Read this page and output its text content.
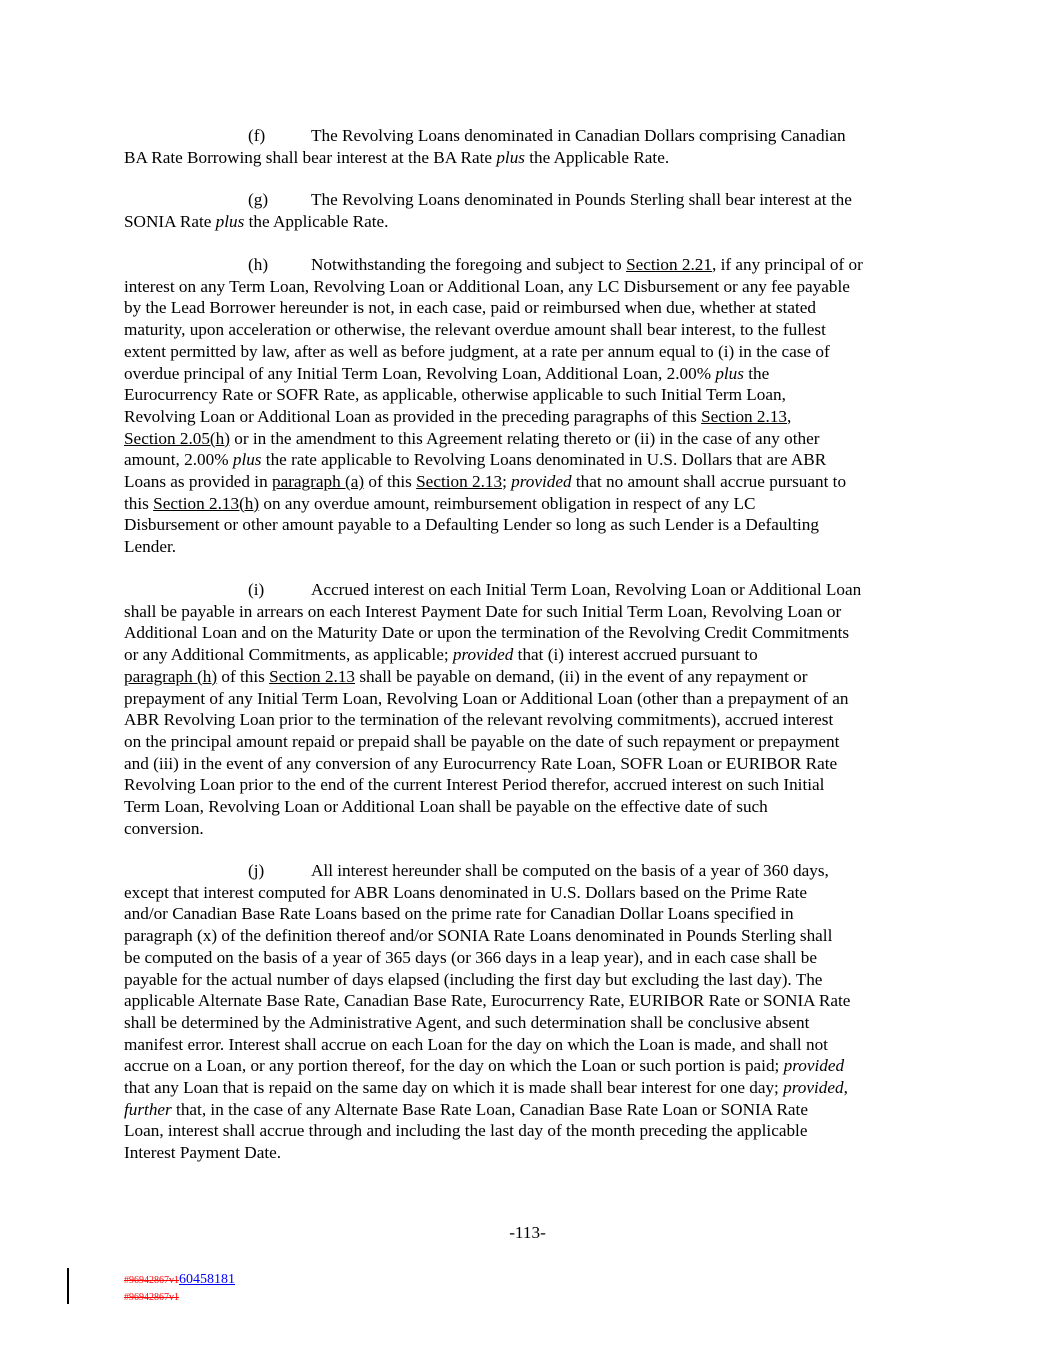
(f)	The Revolving Loans denominated in Canadian Dollars comprising Canadian
BA Rate Borrowing shall bear interest at the BA Rate plus the Applicable Rate.
(g) The Revolving Loans denominated in Pounds Sterling shall bear interest at the
SONIA Rate plus the Applicable Rate.
(h) Notwithstanding the foregoing and subject to Section 2.21, if any principal of or
interest on any Term Loan, Revolving Loan or Additional Loan, any LC Disbursement or any fee payable
by the Lead Borrower hereunder is not, in each case, paid or reimbursed when due, whether at stated
maturity, upon acceleration or otherwise, the relevant overdue amount shall bear interest, to the fullest
extent permitted by law, after as well as before judgment, at a rate per annum equal to (i) in the case of
overdue principal of any Initial Term Loan, Revolving Loan, Additional Loan, 2.00% plus the
Eurocurrency Rate or SOFR Rate, as applicable, otherwise applicable to such Initial Term Loan,
Revolving Loan or Additional Loan as provided in the preceding paragraphs of this Section 2.13,
Section 2.05(h) or in the amendment to this Agreement relating thereto or (ii) in the case of any other
amount, 2.00% plus the rate applicable to Revolving Loans denominated in U.S. Dollars that are ABR
Loans as provided in paragraph (a) of this Section 2.13; provided that no amount shall accrue pursuant to
this Section 2.13(h) on any overdue amount, reimbursement obligation in respect of any LC
Disbursement or other amount payable to a Defaulting Lender so long as such Lender is a Defaulting
Lender.
(i)	Accrued interest on each Initial Term Loan, Revolving Loan or Additional Loan
shall be payable in arrears on each Interest Payment Date for such Initial Term Loan, Revolving Loan or
Additional Loan and on the Maturity Date or upon the termination of the Revolving Credit Commitments
or any Additional Commitments, as applicable; provided that (i) interest accrued pursuant to
paragraph (h) of this Section 2.13 shall be payable on demand, (ii) in the event of any repayment or
prepayment of any Initial Term Loan, Revolving Loan or Additional Loan (other than a prepayment of an
ABR Revolving Loan prior to the termination of the relevant revolving commitments), accrued interest
on the principal amount repaid or prepaid shall be payable on the date of such repayment or prepayment
and (iii) in the event of any conversion of any Eurocurrency Rate Loan, SOFR Loan or EURIBOR Rate
Revolving Loan prior to the end of the current Interest Period therefor, accrued interest on such Initial
Term Loan, Revolving Loan or Additional Loan shall be payable on the effective date of such
conversion.
(j)	All interest hereunder shall be computed on the basis of a year of 360 days,
except that interest computed for ABR Loans denominated in U.S. Dollars based on the Prime Rate
and/or Canadian Base Rate Loans based on the prime rate for Canadian Dollar Loans specified in
paragraph (x) of the definition thereof and/or SONIA Rate Loans denominated in Pounds Sterling shall
be computed on the basis of a year of 365 days (or 366 days in a leap year), and in each case shall be
payable for the actual number of days elapsed (including the first day but excluding the last day). The
applicable Alternate Base Rate, Canadian Base Rate, Eurocurrency Rate, EURIBOR Rate or SONIA Rate
shall be determined by the Administrative Agent, and such determination shall be conclusive absent
manifest error. Interest shall accrue on each Loan for the day on which the Loan is made, and shall not
accrue on a Loan, or any portion thereof, for the day on which the Loan or such portion is paid; provided
that any Loan that is repaid on the same day on which it is made shall bear interest for one day; provided,
further that, in the case of any Alternate Base Rate Loan, Canadian Base Rate Loan or SONIA Rate
Loan, interest shall accrue through and including the last day of the month preceding the applicable
Interest Payment Date.
-113-
#96942867v160458181
#96942867v1
